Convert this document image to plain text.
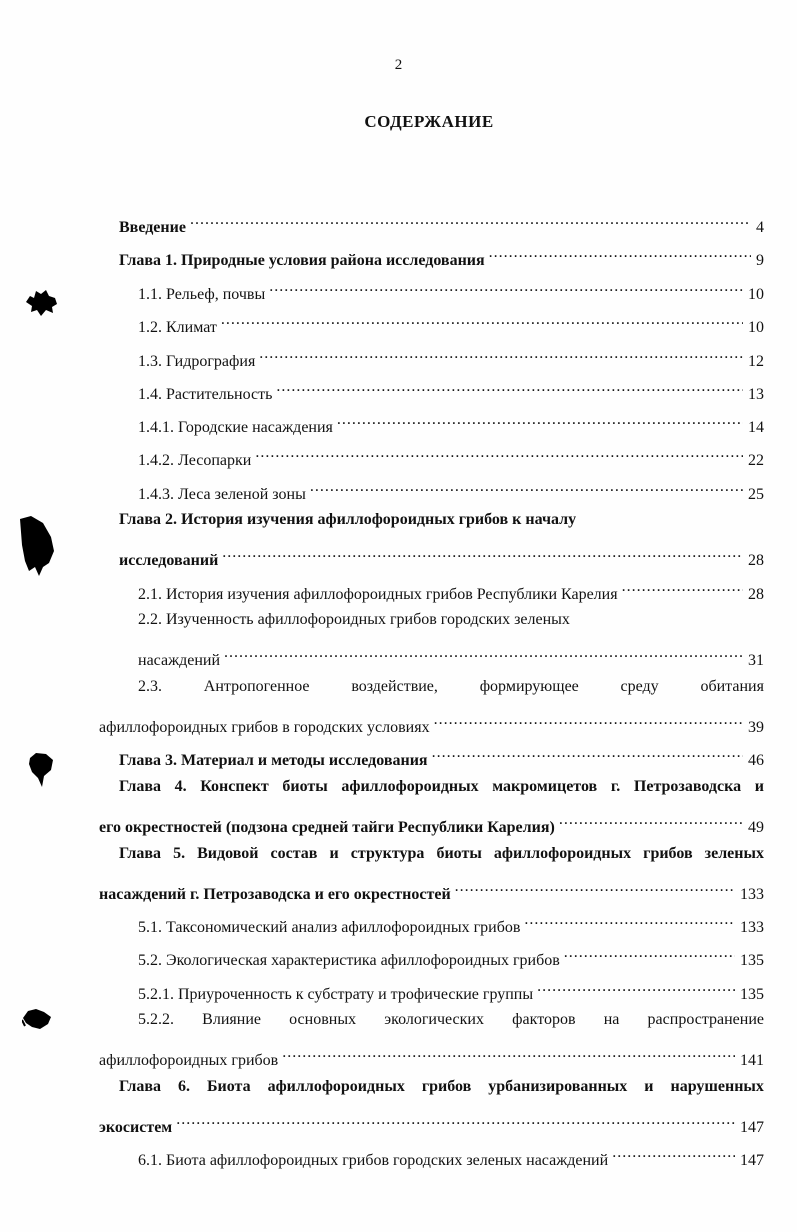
2
СОДЕРЖАНИЕ
Введение .....	4
Глава 1. Природные условия района исследования .....	9
1.1. Рельеф, почвы .....	10
1.2. Климат .....	10
1.3. Гидрография .....	12
1.4. Растительность .....	13
1.4.1. Городские насаждения .....	14
1.4.2. Лесопарки .....	22
1.4.3. Леса зеленой зоны .....	25
Глава 2. История изучения афиллофороидных грибов к началу
исследований .....	28
2.1. История изучения афиллофороидных грибов Республики Карелия .....	28
2.2. Изученность афиллофороидных грибов городских зеленых
насаждений .....	31
2.3.	Антропогенное	воздействие,	формирующее	среду	обитания
афиллофороидных грибов в городских условиях .....	39
Глава 3. Материал и методы исследования .....	46
Глава 4. Конспект биоты афиллофороидных макромицетов г. Петрозаводска и
его окрестностей (подзона средней тайги Республики Карелия) .....	49
Глава 5. Видовой состав и структура биоты афиллофороидных грибов зеленых
насаждений г. Петрозаводска и его окрестностей .....	133
5.1. Таксономический анализ афиллофороидных грибов .....	133
5.2. Экологическая характеристика афиллофороидных грибов .....	135
5.2.1. Приуроченность к субстрату и трофические группы .....	135
5.2.2. Влияние основных экологических факторов на распространение
афиллофороидных грибов .....	141
Глава 6. Биота афиллофороидных грибов урбанизированных и нарушенных
экосистем .....	147
6.1. Биота афиллофороидных грибов городских зеленых насаждений .....	147
